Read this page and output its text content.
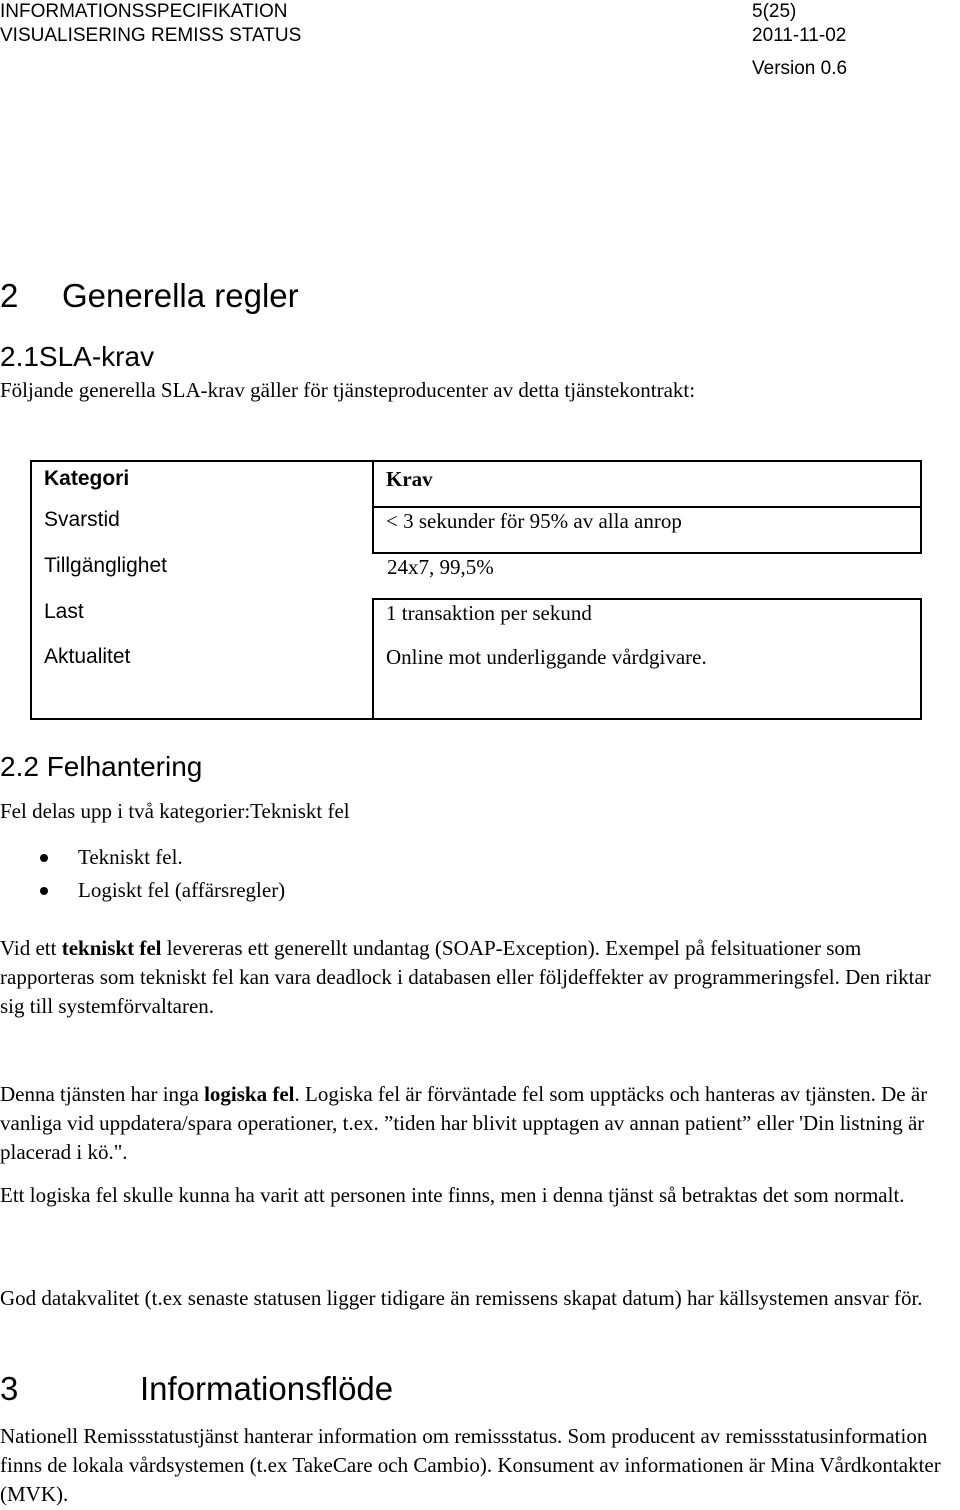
INFORMATIONSSPECIFIKATION
VISUALISERING REMISS STATUS
5(25)
2011-11-02
Version 0.6
2 Generella regler
2.1SLA-krav
Följande generella SLA-krav gäller för tjänsteproducenter av detta tjänstekontrakt:
Kategori	Krav
Svarstid	< 3 sekunder för 95% av alla anrop
Tillgänglighet	24x7, 99,5%
Last	1 transaktion per sekund
Aktualitet	Online mot underliggande vårdgivare.
2.2 Felhantering
Fel delas upp i två kategorier:Tekniskt fel
Tekniskt fel.
Logiskt fel (affärsregler)
Vid ett tekniskt fel levereras ett generellt undantag (SOAP-Exception). Exempel på felsituationer som rapporteras som tekniskt fel kan vara deadlock i databasen eller följdeffekter av programmeringsfel. Den riktar sig till systemförvaltaren.
Denna tjänsten har inga logiska fel. Logiska fel är förväntade fel som upptäcks och hanteras av tjänsten. De är vanliga vid uppdatera/spara operationer, t.ex. ”tiden har blivit upptagen av annan patient” eller 'Din listning är placerad i kö.".
Ett logiska fel skulle kunna ha varit att personen inte finns, men i denna tjänst så betraktas det som normalt.
God datakvalitet (t.ex senaste statusen ligger tidigare än remissens skapat datum) har källsystemen ansvar för.
3	Informationsflöde
Nationell Remissstatustjänst hanterar information om remissstatus. Som producent av remissstatusinformation finns de lokala vårdsystemen (t.ex TakeCare och Cambio). Konsument av informationen är Mina Vårdkontakter (MVK).
